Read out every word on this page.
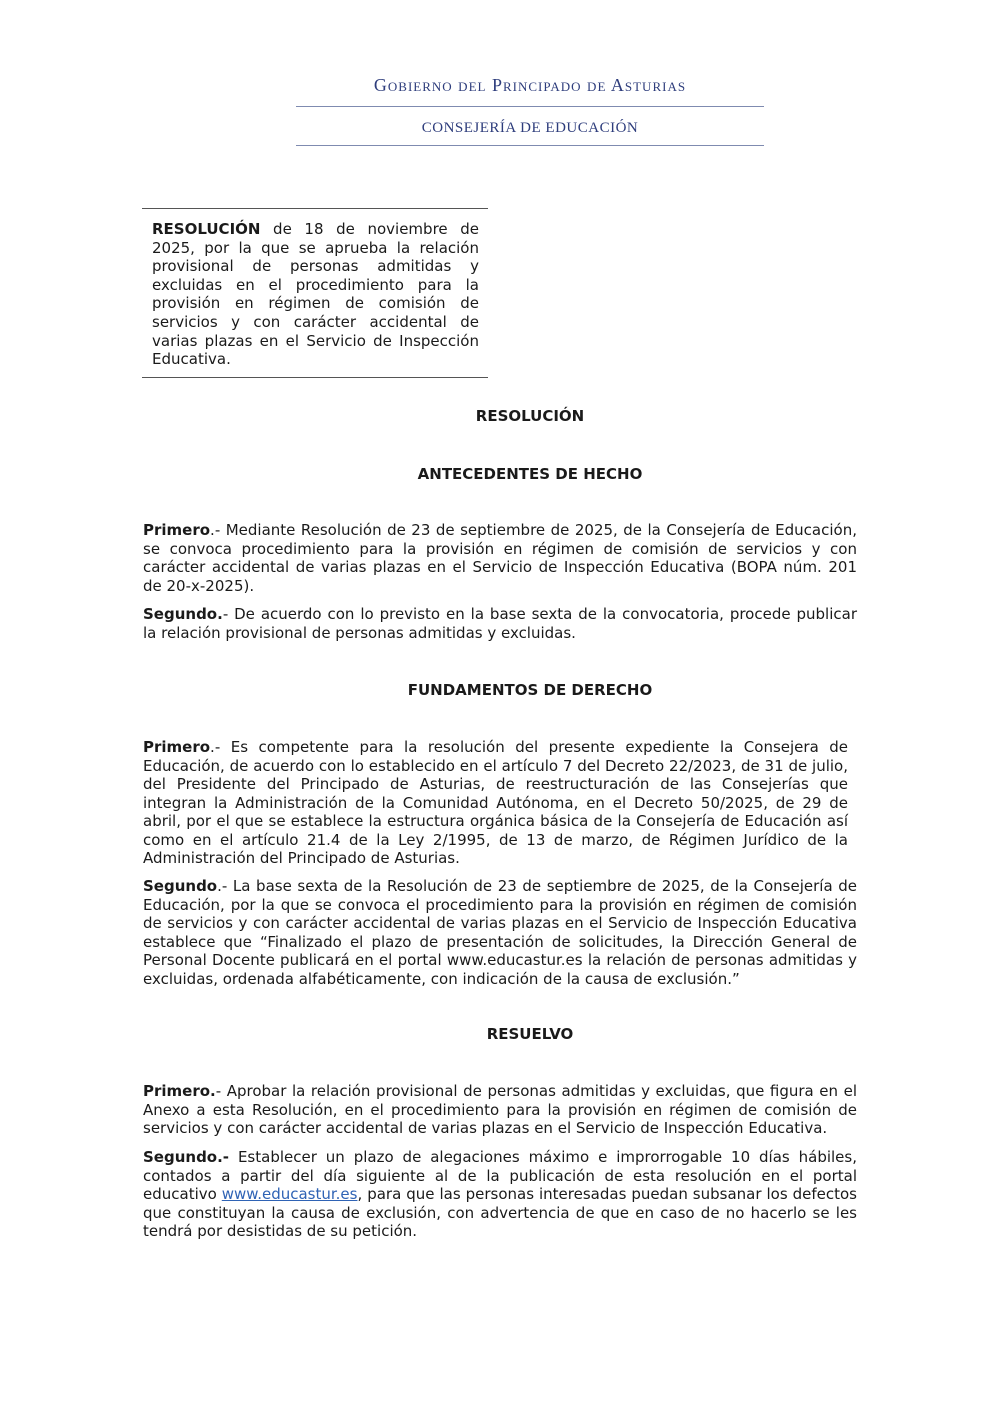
Gobierno del Principado de Asturias
CONSEJERÍA DE EDUCACIÓN
RESOLUCIÓN de 18 de noviembre de 2025, por la que se aprueba la relación provisional de personas admitidas y excluidas en el procedimiento para la provisión en régimen de comisión de servicios y con carácter accidental de varias plazas en el Servicio de Inspección Educativa.
RESOLUCIÓN
ANTECEDENTES DE HECHO
Primero.- Mediante Resolución de 23 de septiembre de 2025, de la Consejería de Educación, se convoca procedimiento para la provisión en régimen de comisión de servicios y con carácter accidental de varias plazas en el Servicio de Inspección Educativa (BOPA núm. 201 de 20-x-2025).
Segundo.- De acuerdo con lo previsto en la base sexta de la convocatoria, procede publicar la relación provisional de personas admitidas y excluidas.
FUNDAMENTOS DE DERECHO
Primero.- Es competente para la resolución del presente expediente la Consejera de Educación, de acuerdo con lo establecido en el artículo 7 del Decreto 22/2023, de 31 de julio, del Presidente del Principado de Asturias, de reestructuración de las Consejerías que integran la Administración de la Comunidad Autónoma, en el Decreto 50/2025, de 29 de abril, por el que se establece la estructura orgánica básica de la Consejería de Educación así como en el artículo 21.4 de la Ley 2/1995, de 13 de marzo, de Régimen Jurídico de la Administración del Principado de Asturias.
Segundo.- La base sexta de la Resolución de 23 de septiembre de 2025, de la Consejería de Educación, por la que se convoca el procedimiento para la provisión en régimen de comisión de servicios y con carácter accidental de varias plazas en el Servicio de Inspección Educativa establece que “Finalizado el plazo de presentación de solicitudes, la Dirección General de Personal Docente publicará en el portal www.educastur.es la relación de personas admitidas y excluidas, ordenada alfabéticamente, con indicación de la causa de exclusión.”
RESUELVO
Primero.- Aprobar la relación provisional de personas admitidas y excluidas, que figura en el Anexo a esta Resolución, en el procedimiento para la provisión en régimen de comisión de servicios y con carácter accidental de varias plazas en el Servicio de Inspección Educativa.
Segundo.- Establecer un plazo de alegaciones máximo e improrrogable 10 días hábiles, contados a partir del día siguiente al de la publicación de esta resolución en el portal educativo www.educastur.es, para que las personas interesadas puedan subsanar los defectos que constituyan la causa de exclusión, con advertencia de que en caso de no hacerlo se les tendrá por desistidas de su petición.
